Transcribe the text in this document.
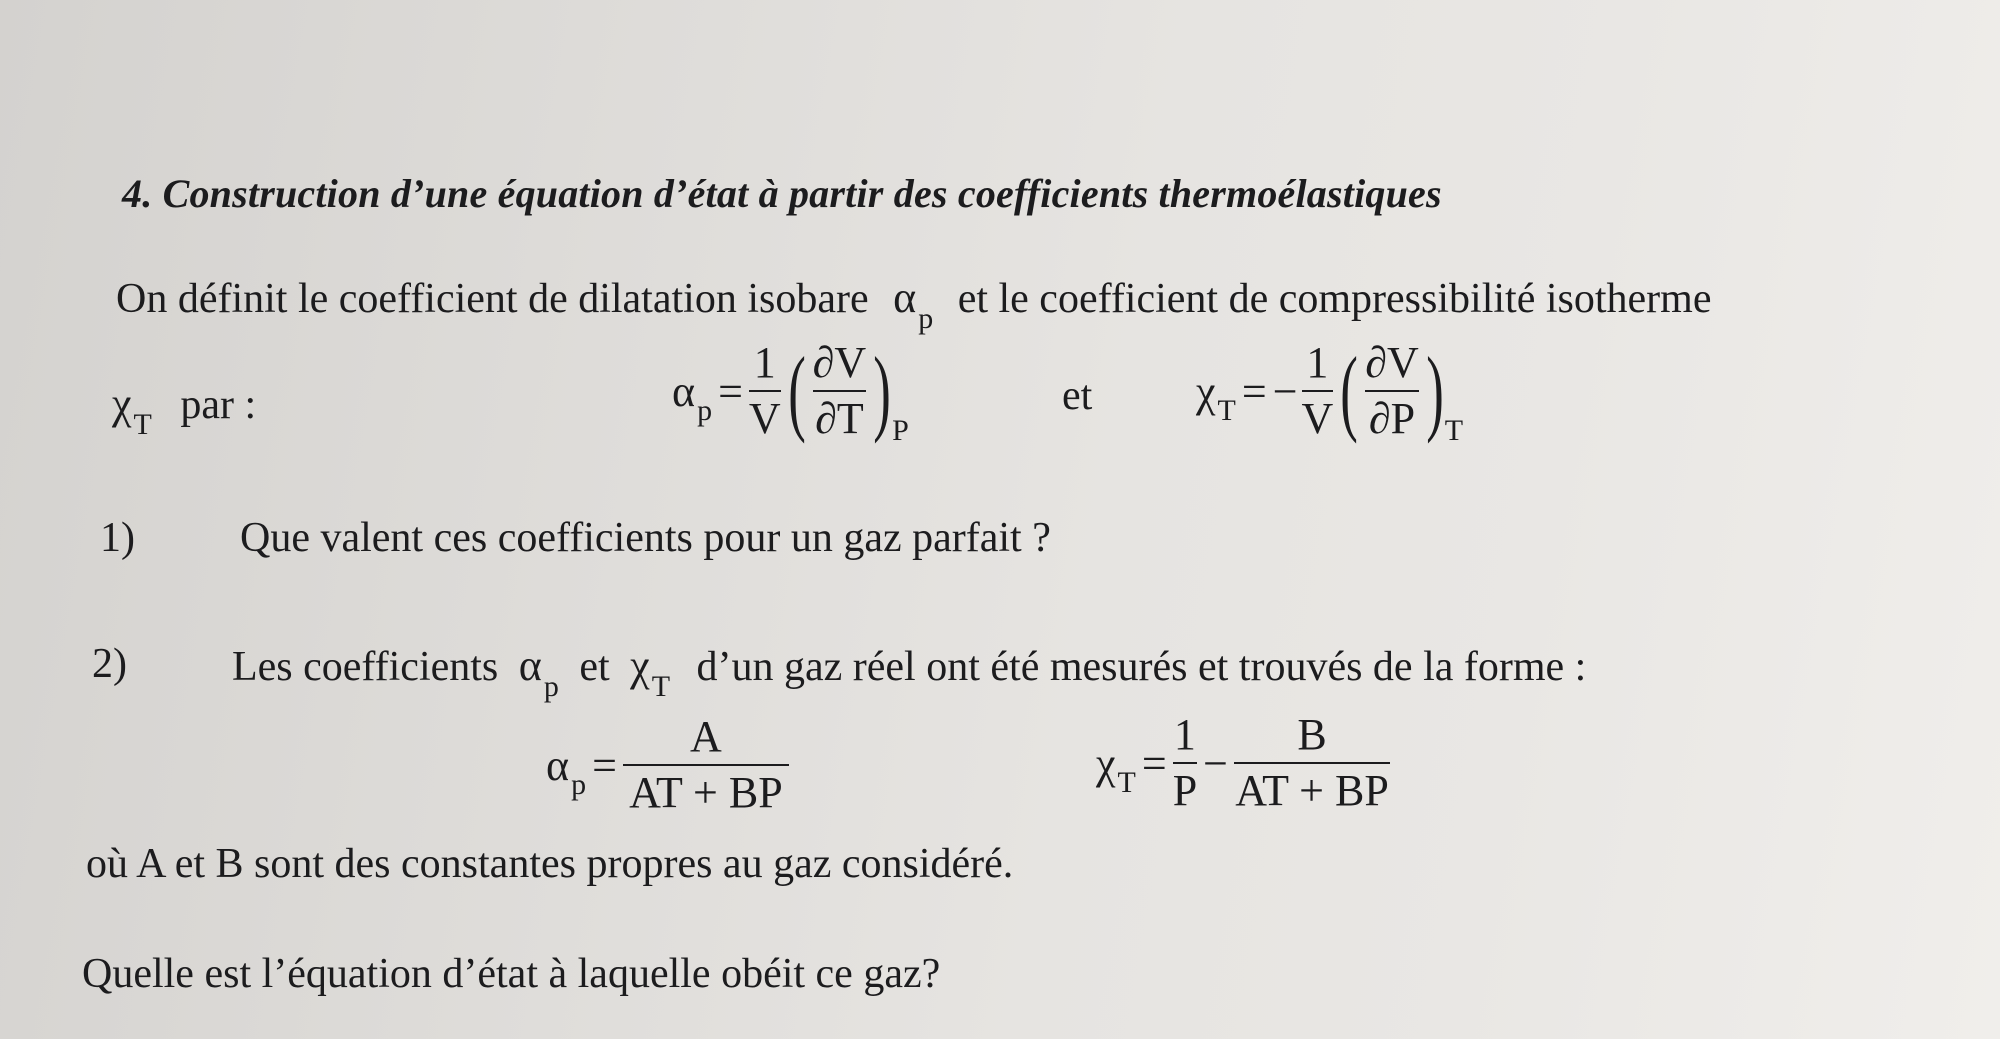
4. Construction d’une équation d’état à partir des coefficients thermoélastiques
On définit le coefficient de dilatation isobare $\alpha_p$ et le coefficient de compressibilité isotherme
$\chi_T$ par :	α $p = \frac{1}{V}$ ( $\frac{\partial V}{\partial T}$ ) P
et χ T = − $\frac{1}{V}$ ( $\frac{\partial V}{\partial P}$ ) T
1)	Que valent ces coefficients pour un gaz parfait ?
2)	Les coefficients $\alpha_p$ et $\chi_T$ d’un gaz réel ont été mesurés et trouvés de la forme :
α $p = \frac{A}{AT + BP}$	χ $T = \frac{1}{P} - \frac{B}{AT + BP}$
où A et B sont des constantes propres au gaz considéré.
Quelle est l’équation d’état à laquelle obéit ce gaz?
